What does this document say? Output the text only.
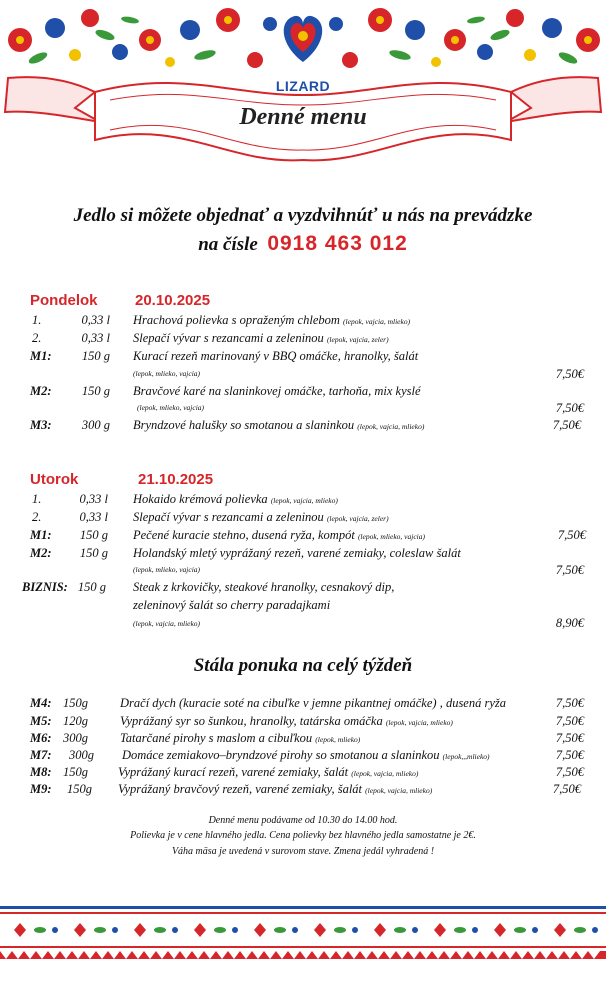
LIZARD
Denné menu
Jedlo si môžete objednať a vyzdvihnúť u nás na prevádzke
na čísle 0918 463 012
Pondelok 20.10.2025
1.	0,33 l Hrachová polievka s opraženým chlebom (lepok, vajcia, mlieko)
2.	0,33 l Slepačí vývar s rezancami a zeleninou (lepok, vajcia, zeler)
M1:	150 g Kurací rezeň marinovaný v BBQ omáčke, hranolky, šalát
(lepok, mlieko, vajcia)	7,50€
M2:	150 g Bravčové karé na slaninkovej omáčke, tarhoňa, mix kyslé
(lepok, mlieko, vajcia)	7,50€
M3:	300 g Bryndzové halušky so smotanou a slaninkou (lepok, vajcia, mlieko)	7,50€
Utorok	21.10.2025
1.	0,33 l Hokaido krémová polievka (lepok, vajcia, mlieko)
2.	0,33 l Slepačí vývar s rezancami a zeleninou (lepok, vajcia, zeler)
M1:	150 g Pečené kuracie stehno, dusená ryža, kompót (lepok, mlieko, vajcia)	7,50€
M2:	150 g Holandský mletý vyprážaný rezeň, varené zemiaky, coleslaw šalát
(lepok, mlieko, vajcia)	7,50€
BIZNIS: 150 g Steak z krkovičky, steakové hranolky, cesnakový dip,
zeleninový šalát so cherry paradajkami
(lepok, vajcia, mlieko)	8,90€
Stála ponuka na celý týždeň
M4: 150g	Dračí dych (kuracie soté na cibuľke v jemne pikantnej omáčke) , dusená ryža	7,50€
M5: 120g	Vyprážaný syr so šunkou, hranolky, tatárska omáčka (lepok, vajcia, mlieko)	7,50€
M6: 300g	Tatarčané pirohy s maslom a cibuľkou (lepok, mlieko)	7,50€
M7:	300g Domáce zemiakovo–bryndzové pirohy so smotanou a slaninkou (lepok,,,mlieko)	7,50€
M8: 150g Vyprážaný kurací rezeň, varené zemiaky, šalát (lepok, vajcia, mlieko)	7,50€
M9:	150g Vyprážaný bravčový rezeň, varené zemiaky, šalát (lepok, vajcia, mlieko)	7,50€
Denné menu podávame od 10.30 do 14.00 hod.
Polievka je v cene hlavného jedla. Cena polievky bez hlavného jedla samostatne je 2€.
Váha mäsa je uvedená v surovom stave. Zmena jedál vyhradená !
